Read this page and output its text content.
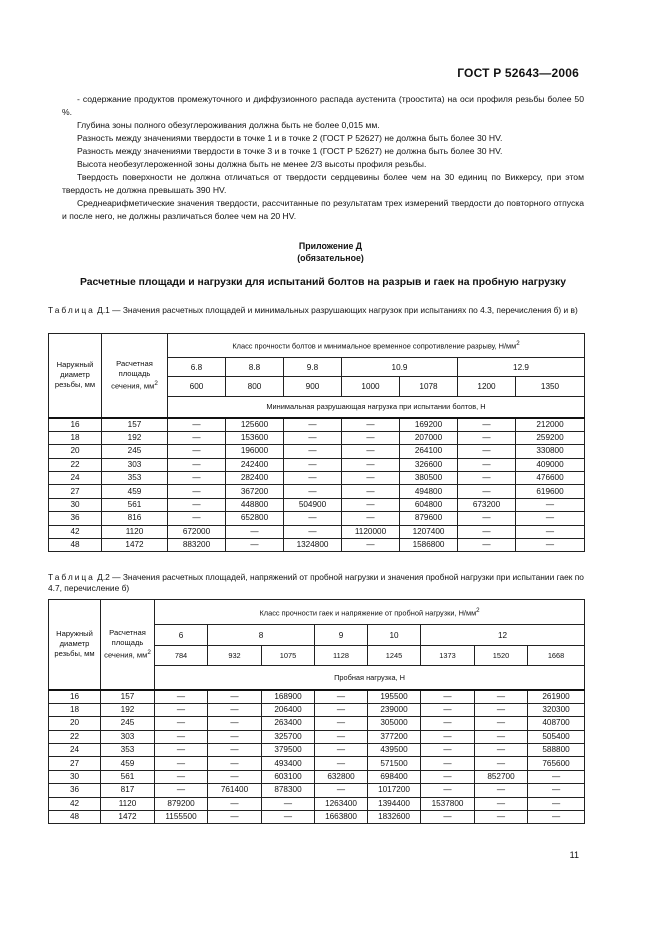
ГОСТ Р 52643—2006

- содержание продуктов промежуточного и диффузионного распада аустенита (троостита) на оси профиля резьбы более 50 %.

Глубина зоны полного обезуглероживания должна быть не более 0,015 мм.

Разность между значениями твердости в точке 1 и в точке 2 (ГОСТ Р 52627) не должна быть более 30 HV.

Разность между значениями твердости в точке 3 и в точке 1 (ГОСТ Р 52627) не должна быть более 30 HV.

Высота необезуглероженной зоны должна быть не менее 2/3 высоты профиля резьбы.

Твердость поверхности не должна отличаться от твердости сердцевины более чем на 30 единиц по Виккерсу, при этом твердость не должна превышать 390 HV.

Среднеарифметические значения твердости, рассчитанные по результатам трех измерений твердости до повторного отпуска и после него, не должны различаться более чем на 20 HV.

Приложение Д
(обязательное)
Расчетные площади и нагрузки для испытаний болтов на разрыв и гаек на пробную нагрузку

Таблица Д.1 — Значения расчетных площадей и минимальных разрушающих нагрузок при испытаниях по 4.3, перечисления б) и в)

Наружный диаметр резьбы, мм	Расчетная площадь сечения, $мм^2$	Класс прочности болтов и минимальное временное сопротивление разрыву, $Н/мм^2$
		6.8	8.8	9.8	10.9		12.9	
		600	800	900	1000	1078	1200	1350
		Минимальная разрушающая нагрузка при испытании болтов, Н						
16	157	—	125600	—	—	169200	—	212000
18	192	—	153600	—	—	207000	—	259200
20	245	—	196000	—	—	264100	—	330800
22	303	—	242400	—	—	326600	—	409000
24	353	—	282400	—	—	380500	—	476600
27	459	—	367200	—	—	494800	—	619600
30	561	—	448800	504900	—	604800	673200	—
36	816	—	652800	—	—	879600	—	—
42	1120	672000	—	—	1120000	1207400	—	—
48	1472	883200	—	1324800	—	1586800	—	—

Таблица Д.2 — Значения расчетных площадей, напряжений от пробной нагрузки и значения пробной нагрузки при испытании гаек по 4.7, перечисление б)

Наружный диаметр резьбы, мм	Расчетная площадь сечения, $мм^2$	Класс прочности гаек и напряжение от пробной нагрузки, $Н/мм^2$
		6	8		9	10	12		
		784	932	1075	1128	1245	1373	1520	1668
		Пробная нагрузка, Н							
16	157	—	—	168900	—	195500	—	—	261900
18	192	—	—	206400	—	239000	—	—	320300
20	245	—	—	263400	—	305000	—	—	408700
22	303	—	—	325700	—	377200	—	—	505400
24	353	—	—	379500	—	439500	—	—	588800
27	459	—	—	493400	—	571500	—	—	765600
30	561	—	—	603100	632800	698400	—	852700	—
36	817	—	761400	878300	—	1017200	—	—	—
42	1120	879200	—	—	1263400	1394400	1537800	—	—
48	1472	1155500	—	—	1663800	1832600	—	—	—
11
